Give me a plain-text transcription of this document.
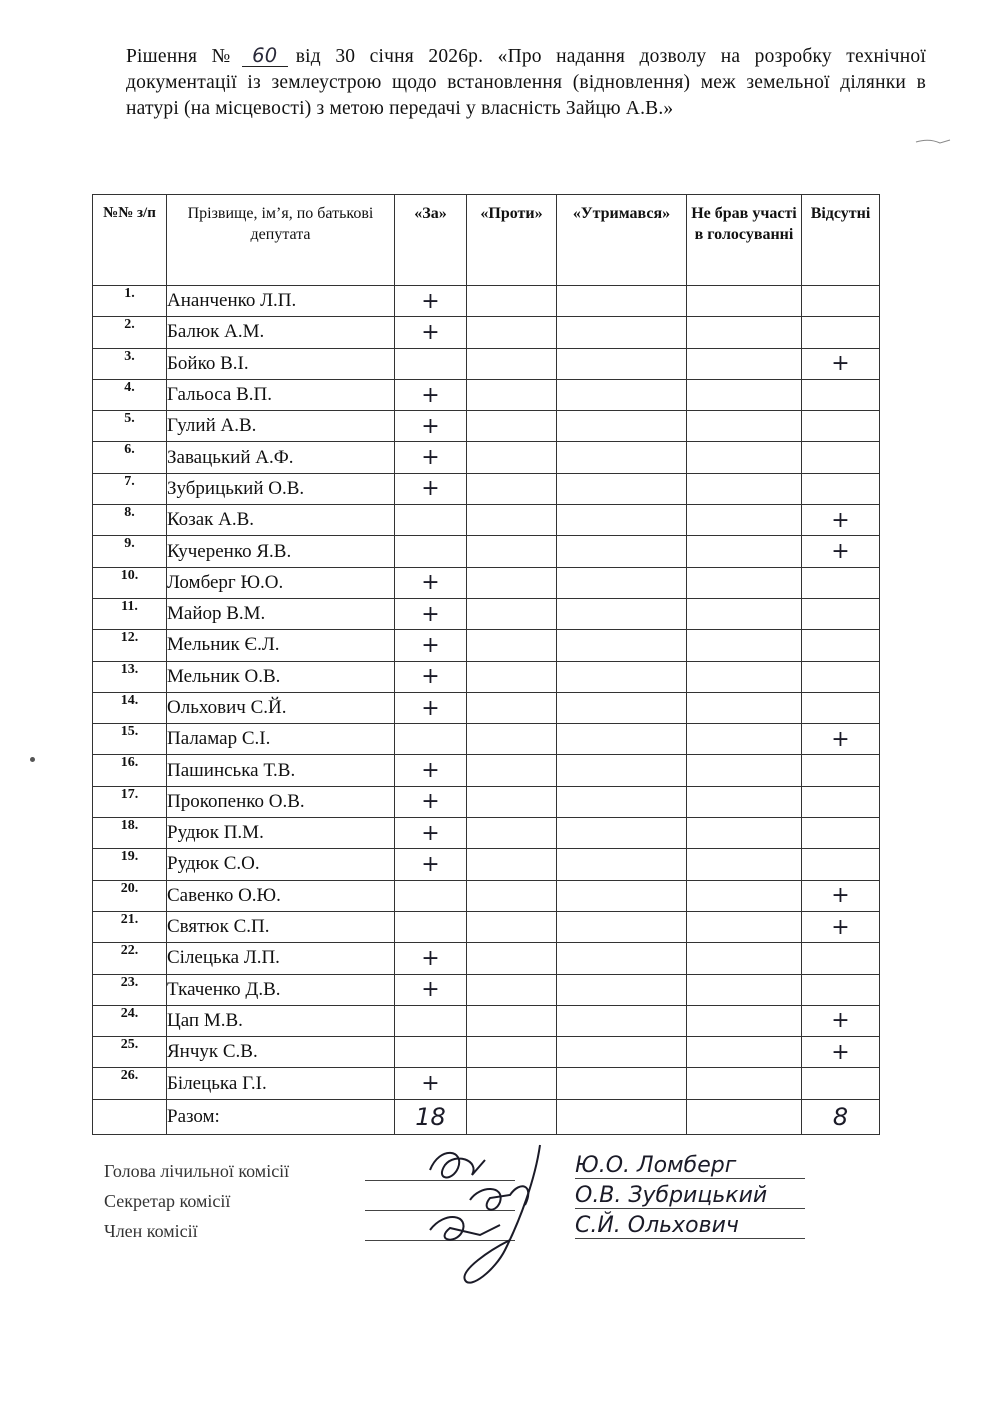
Рішення № 60 від 30 січня 2026р. «Про надання дозволу на розробку технічної документації із землеустрою щодо встановлення (відновлення) меж земельної ділянки в натурі (на місцевості) з метою передачі у власність Зайцю А.В.»
№№ з/п	Прізвище, ім’я, по батькові депутата	«За»	«Проти»	«Утримався»	Не брав участі в голосуванні	Відсутні
1.	Ананченко Л.П.	+				
2.	Балюк А.М.	+				
3.	Бойко В.І.					+
4.	Гальоса В.П.	+				
5.	Гулий А.В.	+				
6.	Завацький А.Ф.	+				
7.	Зубрицький О.В.	+				
8.	Козак А.В.					+
9.	Кучеренко Я.В.					+
10.	Ломберг Ю.О.	+				
11.	Майор В.М.	+				
12.	Мельник Є.Л.	+				
13.	Мельник О.В.	+				
14.	Ольхович С.Й.	+				
15.	Паламар С.І.					+
16.	Пашинська Т.В.	+				
17.	Прокопенко О.В.	+				
18.	Рудюк П.М.	+				
19.	Рудюк С.О.	+				
20.	Савенко О.Ю.					+
21.	Святюк С.П.					+
22.	Сілецька Л.П.	+				
23.	Ткаченко Д.В.	+				
24.	Цап М.В.					+
25.	Янчук С.В.					+
26.	Білецька Г.І.	+				
	Разом:	18				8
Голова лічильної комісії
Секретар комісії
Член комісії
Ю.О. Ломберг
О.В. Зубрицький
С.Й. Ольхович
